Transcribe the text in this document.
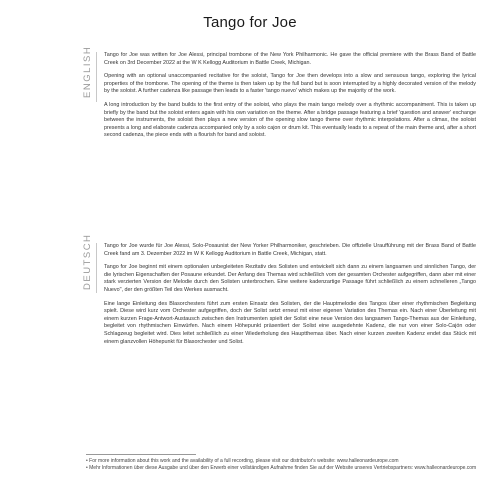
Tango for Joe
ENGLISH Tango for Joe was written for Joe Alessi, principal trombone of the New York Philharmonic. He gave the official premiere with the Brass Band of Battle Creek on 3rd December 2022 at the W K Kellogg Auditorium in Battle Creek, Michigan.

Opening with an optional unaccompanied recitative for the soloist, Tango for Joe then develops into a slow and sensuous tango, exploring the lyrical properties of the trombone. The opening of the theme is then taken up by the full band but is soon interrupted by a highly decorated version of the melody by the soloist. A further cadenza like passage then leads to a faster 'tango nuevo' which makes up the majority of the work.

A long introduction by the band builds to the first entry of the soloist, who plays the main tango melody over a rhythmic accompaniment. This is taken up briefly by the band but the soloist enters again with his own variation on the theme. After a bridge passage featuring a brief 'question and answer' exchange between the instruments, the soloist then plays a new version of the opening slow tango theme over rhythmic interpolations. After a climax, the soloist presents a long and elaborate cadenza accompanied only by a solo cajon or drum kit. This eventually leads to a repeat of the main theme and, after a short second cadenza, the piece ends with a flourish for band and soloist.

DEUTSCH Tango for Joe wurde für Joe Alessi, Solo-Posaunist der New Yorker Philharmoniker, geschrieben. Die offizielle Uraufführung mit der Brass Band of Battle Creek fand am 3. Dezember 2022 im W K Kellogg Auditorium in Battle Creek, Michigan, statt.

Tango for Joe beginnt mit einem optionalen unbegleiteten Rezitativ des Solisten und entwickelt sich dann zu einem langsamen und sinnlichen Tango, der die lyrischen Eigenschaften der Posaune erkundet. Der Anfang des Themas wird schließlich vom der gesamten Orchester aufgegriffen, dann aber mit einer stark verzierten Version der Melodie durch den Solisten unterbrochen. Eine weitere kadenzartige Passage führt schließlich zu einem schnelleren „Tango Nuevo", der den größten Teil des Werkes ausmacht.

Eine lange Einleitung des Blasorchesters führt zum ersten Einsatz des Solisten, der die Hauptmelodie des Tangos über einer rhythmischen Begleitung spielt. Diese wird kurz vom Orchester aufgegriffen, doch der Solist setzt erneut mit einer eigenen Variation des Themas ein. Nach einer Überleitung mit einem kurzen Frage-Antwort-Austausch zwischen den Instrumenten spielt der Solist eine neue Version des langsamen Tango-Themas aus der Einleitung, begleitet von rhythmischen Einwürfen. Nach einem Höhepunkt präsentiert der Solist eine ausgedehnte Kadenz, die nur von einer Solo-Cajón oder Schlagzeug begleitet wird. Dies leitet schließlich zu einer Wiederholung des Hauptthemas über. Nach einer kurzen zweiten Kadenz endet das Stück mit einem glanzvollen Höhepunkt für Blasorchester und Solist.

• For more information about this work and the availability of a full recording, please visit our distributor's website: www.halleonardeurope.com

• Mehr Informationen über diese Ausgabe und über den Erwerb einer vollständigen Aufnahme finden Sie auf der Website unseres Vertriebspartners: www.halleonardeurope.com
